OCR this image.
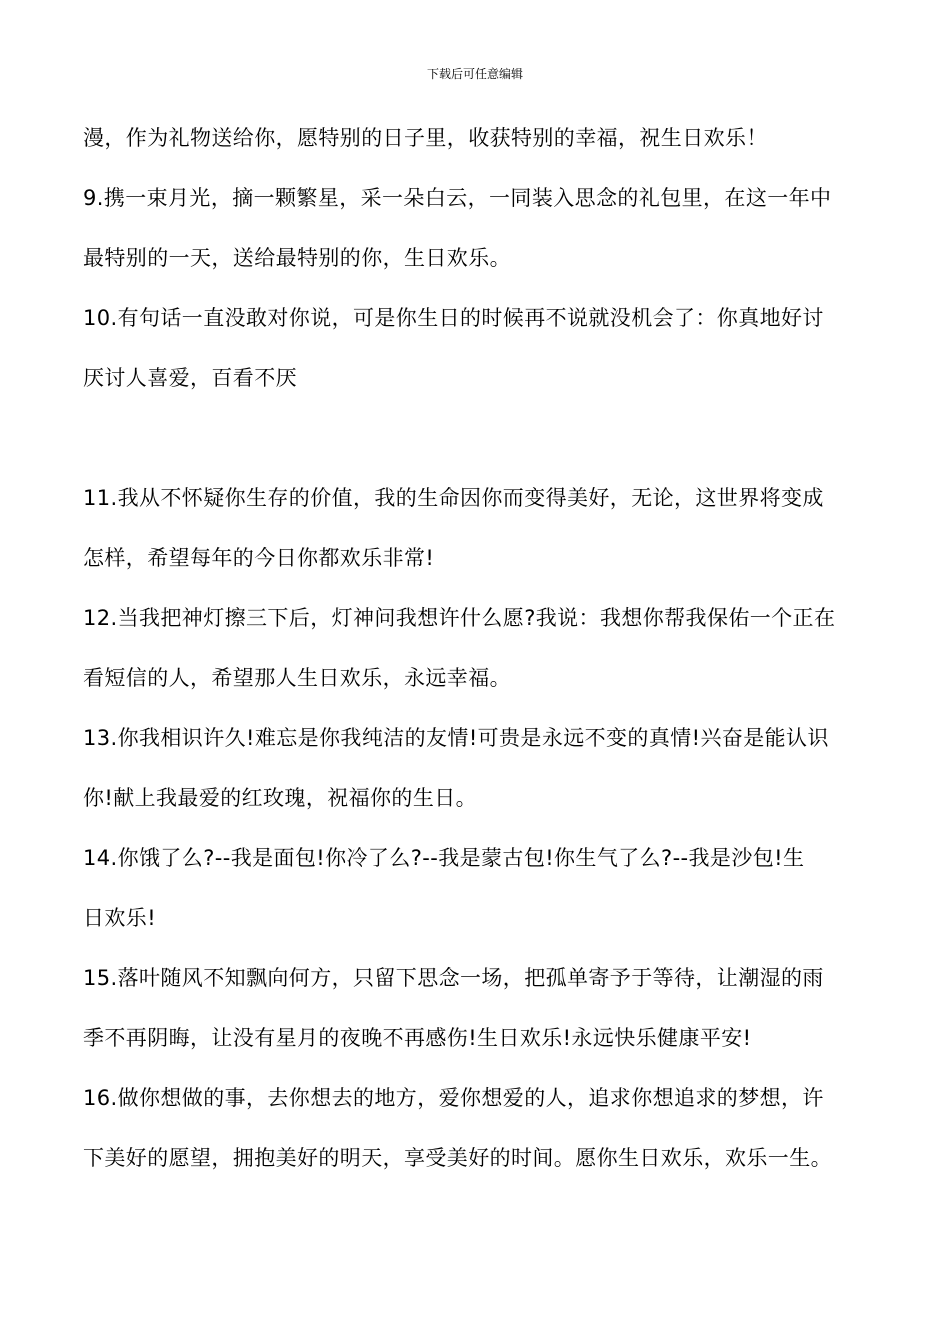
下载后可任意编辑
漫，作为礼物送给你，愿特别的日子里，收获特别的幸福，祝生日欢乐！
9.携一束月光，摘一颗繁星，采一朵白云，一同装入思念的礼包里，在这一年中
最特别的一天，送给最特别的你，生日欢乐。
10.有句话一直没敢对你说，可是你生日的时候再不说就没机会了：你真地好讨
厌讨人喜爱，百看不厌
11.我从不怀疑你生存的价值，我的生命因你而变得美好，无论，这世界将变成
怎样，希望每年的今日你都欢乐非常!
12.当我把神灯擦三下后，灯神问我想许什么愿?我说：我想你帮我保佑一个正在
看短信的人，希望那人生日欢乐，永远幸福。
13.你我相识许久!难忘是你我纯洁的友情!可贵是永远不变的真情!兴奋是能认识
你!献上我最爱的红玫瑰，祝福你的生日。
14.你饿了么?--我是面包!你冷了么?--我是蒙古包!你生气了么?--我是沙包!生
日欢乐!
15.落叶随风不知飘向何方，只留下思念一场，把孤单寄予于等待，让潮湿的雨
季不再阴晦，让没有星月的夜晚不再感伤!生日欢乐!永远快乐健康平安!
16.做你想做的事，去你想去的地方，爱你想爱的人，追求你想追求的梦想，许
下美好的愿望，拥抱美好的明天，享受美好的时间。愿你生日欢乐，欢乐一生。
